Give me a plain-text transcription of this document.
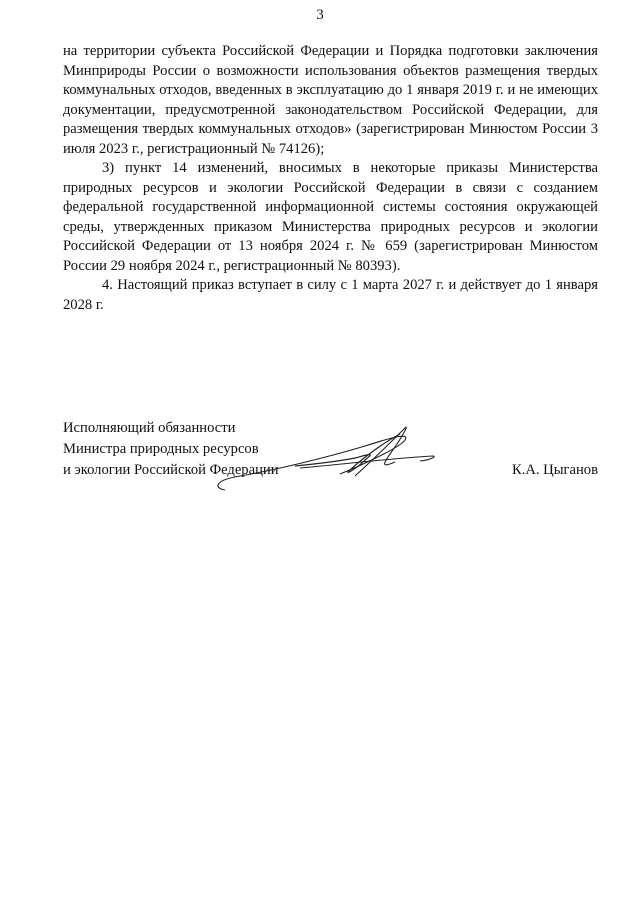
3

на территории субъекта Российской Федерации и Порядка подготовки заключения Минприроды России о возможности использования объектов размещения твердых коммунальных отходов, введенных в эксплуатацию до 1 января 2019 г. и не имеющих документации, предусмотренной законодательством Российской Федерации, для размещения твердых коммунальных отходов» (зарегистрирован Минюстом России 3 июля 2023 г., регистрационный № 74126);

3) пункт 14 изменений, вносимых в некоторые приказы Министерства природных ресурсов и экологии Российской Федерации в связи с созданием федеральной государственной информационной системы состояния окружающей среды, утвержденных приказом Министерства природных ресурсов и экологии Российской Федерации от 13 ноября 2024 г. № 659 (зарегистрирован Минюстом России 29 ноября 2024 г., регистрационный № 80393).

4. Настоящий приказ вступает в силу с 1 марта 2027 г. и действует до 1 января 2028 г.

Исполняющий обязанности
Министра природных ресурсов
и экологии Российской Федерации	К.А. Цыганов
